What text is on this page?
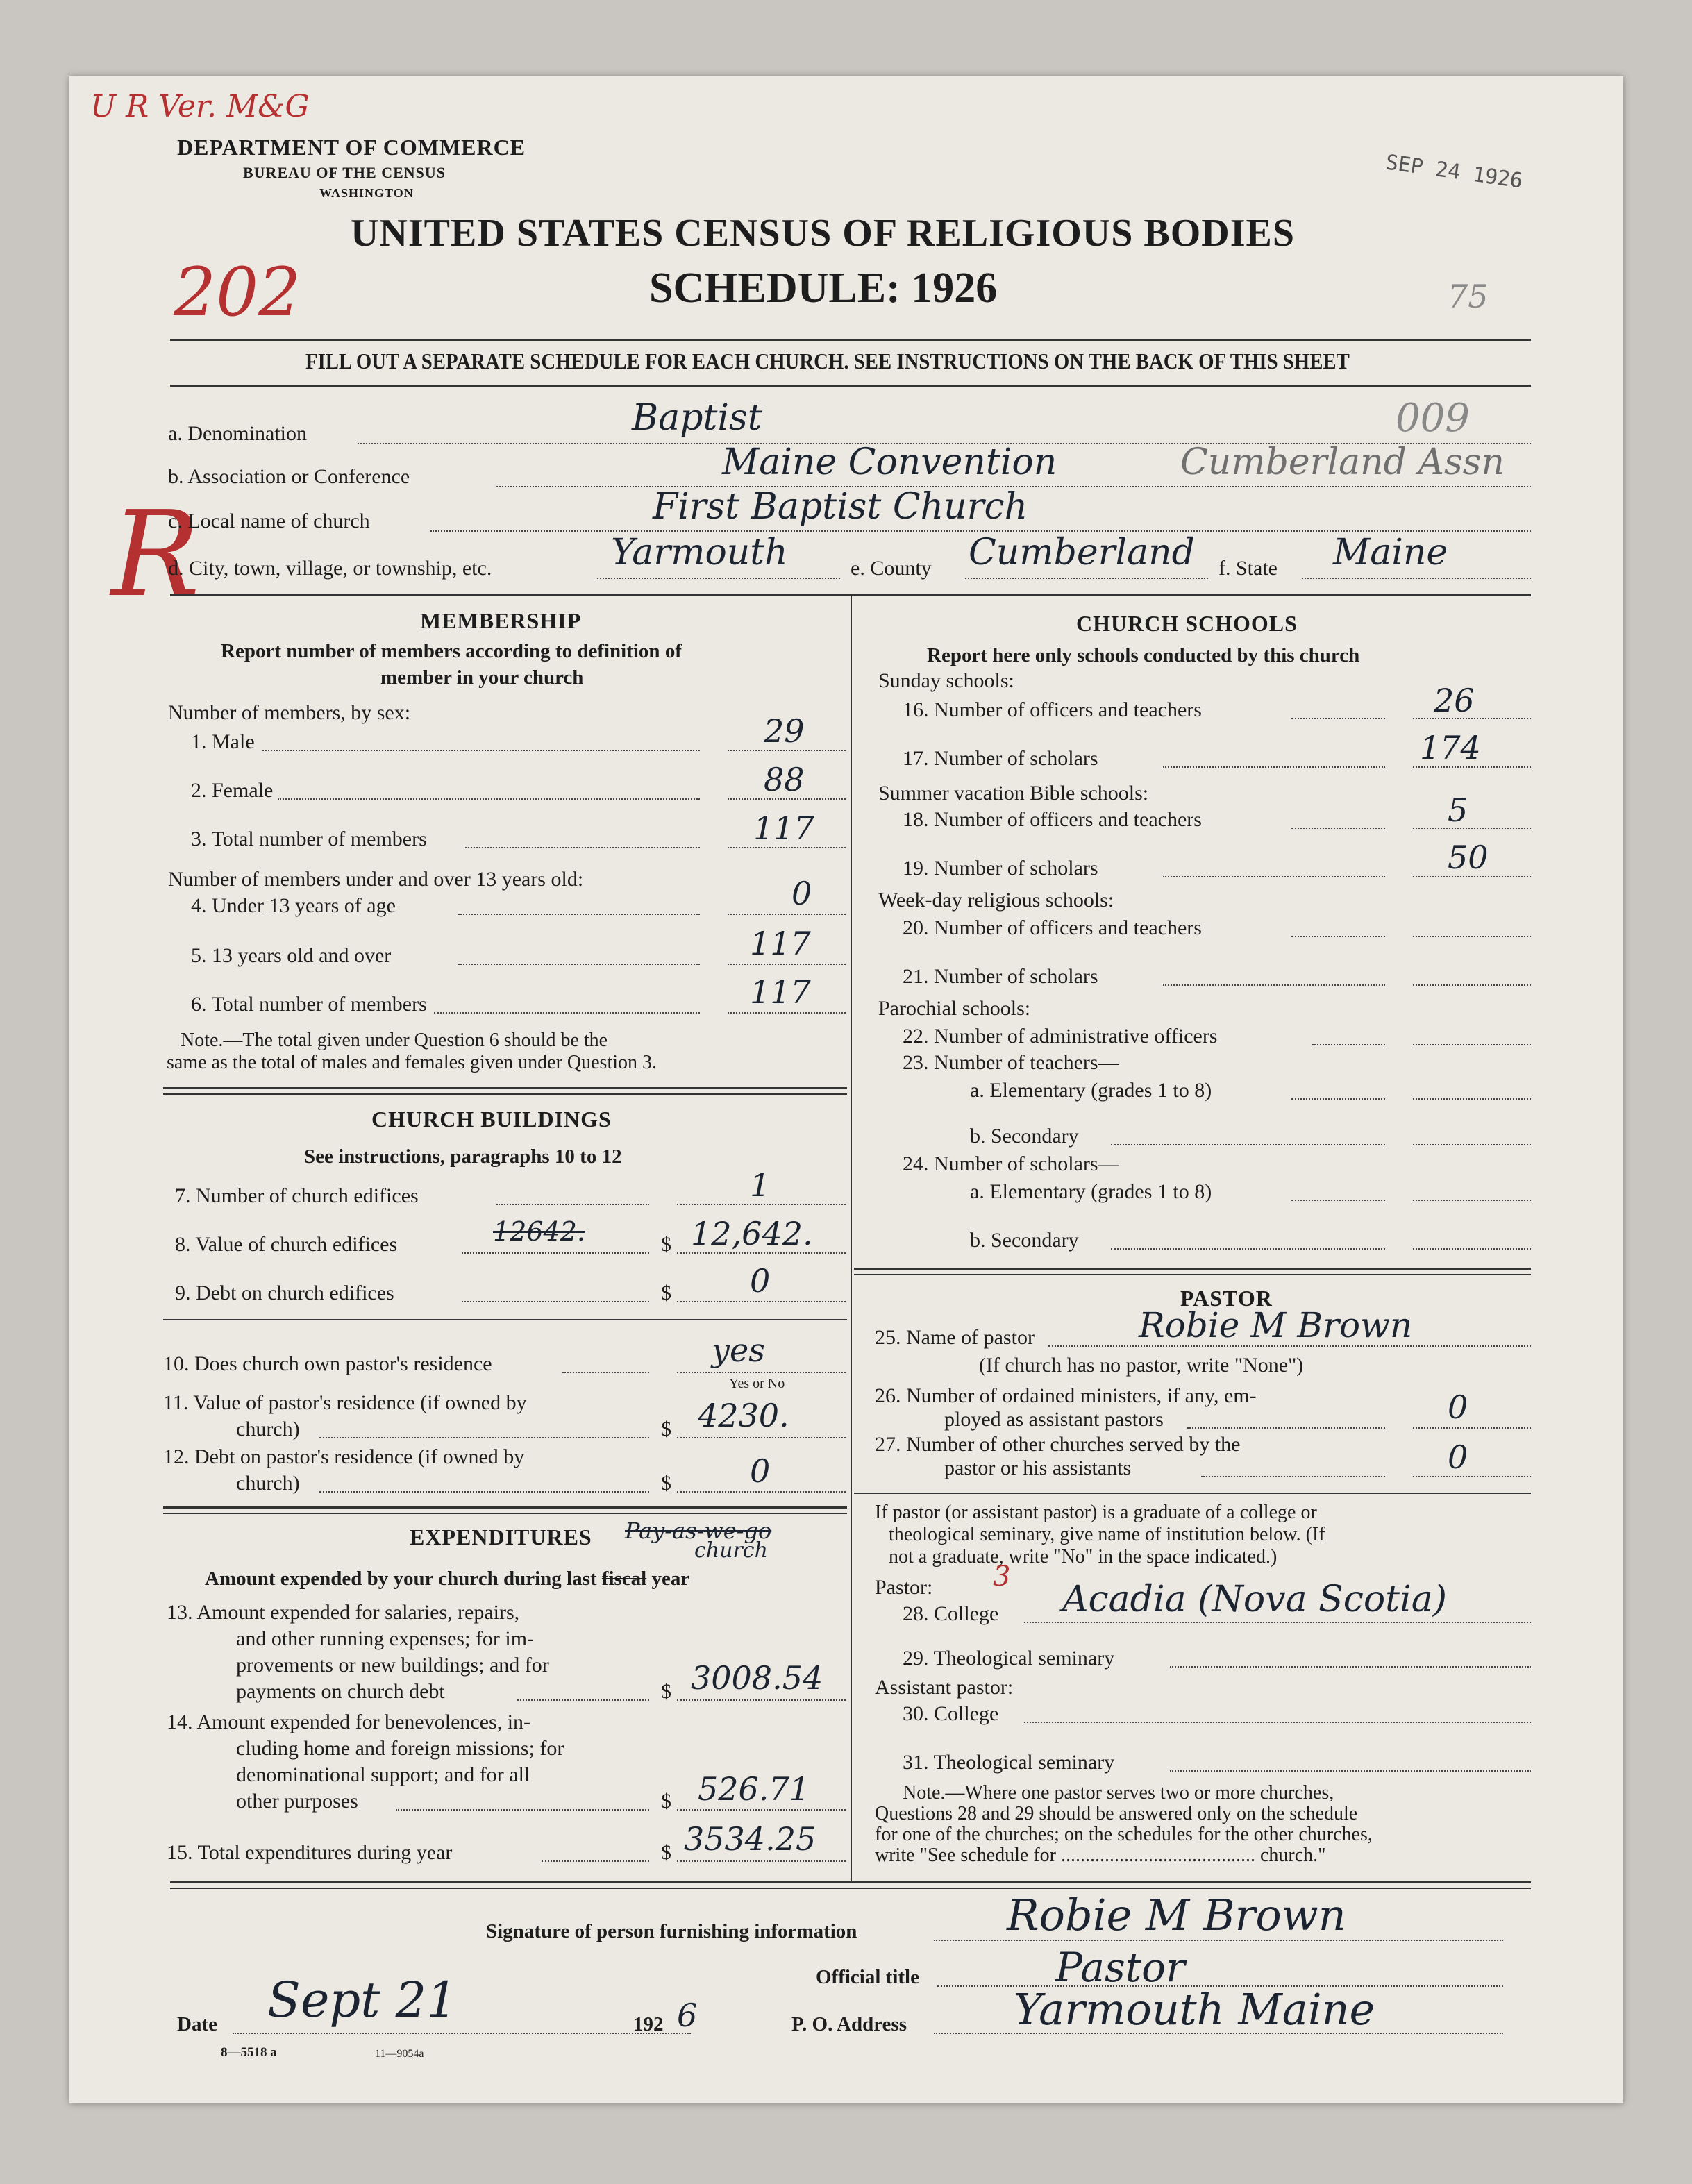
U R Ver. M&G
202
SEP 24 1926
75
009
R
DEPARTMENT OF COMMERCE
BUREAU OF THE CENSUS
WASHINGTON
UNITED STATES CENSUS OF RELIGIOUS BODIES
SCHEDULE: 1926
FILL OUT A SEPARATE SCHEDULE FOR EACH CHURCH. SEE INSTRUCTIONS ON THE BACK OF THIS SHEET
a. Denomination	Baptist
b. Association or Conference	Maine Convention	Cumberland Assn
c. Local name of church	First Baptist Church
d. City, town, village, or township, etc.	Yarmouth	e. County Cumberland f. State Maine
MEMBERSHIP
Report number of members according to definition of
member in your church
Number of members, by sex:
1. Male	29
2. Female	88
3. Total number of members	117
Number of members under and over 13 years old:
4. Under 13 years of age	0
5. 13 years old and over	117
6. Total number of members	117
Note.—The total given under Question 6 should be the
same as the total of males and females given under Question 3.
CHURCH BUILDINGS
See instructions, paragraphs 10 to 12
7. Number of church edifices	1
8. Value of church edifices	12642.	$ 12,642.
9. Debt on church edifices	$ 0
10. Does church own pastor's residence	yes
Yes or No
11. Value of pastor's residence (if owned by
church)	$ 4230.
12. Debt on pastor's residence (if owned by
church)	$ 0
EXPENDITURES Pay-as-we-go
church
Amount expended by your church during last fiscal year
13. Amount expended for salaries, repairs,
and other running expenses; for im-
provements or new buildings; and for
payments on church debt	$ 3008.54
14. Amount expended for benevolences, in-
cluding home and foreign missions; for
denominational support; and for all
other purposes	$ 526.71
15. Total expenditures during year	$ 3534.25
CHURCH SCHOOLS
Report here only schools conducted by this church
Sunday schools:
16. Number of officers and teachers	26
17. Number of scholars	174
Summer vacation Bible schools:
18. Number of officers and teachers	5
19. Number of scholars	50
Week-day religious schools:
20. Number of officers and teachers
21. Number of scholars
Parochial schools:
22. Number of administrative officers
23. Number of teachers—
a. Elementary (grades 1 to 8)
b. Secondary
24. Number of scholars—
a. Elementary (grades 1 to 8)
b. Secondary
PASTOR
25. Name of pastor	Robie M Brown
(If church has no pastor, write "None")
26. Number of ordained ministers, if any, em-
ployed as assistant pastors	0
27. Number of other churches served by the
pastor or his assistants	0
If pastor (or assistant pastor) is a graduate of a college or
theological seminary, give name of institution below. (If
not a graduate, write "No" in the space indicated.)
Pastor: 3
28. College Acadia (Nova Scotia)
29. Theological seminary
Assistant pastor:
30. College
31. Theological seminary
Note.—Where one pastor serves two or more churches,
Questions 28 and 29 should be answered only on the schedule
for one of the churches; on the schedules for the other churches,
write "See schedule for ........................................ church."
Signature of person furnishing information	Robie M Brown
Official title	Pastor
Date Sept 21	192 6	P. O. Address Yarmouth Maine
8—5518 a	11—9054a
